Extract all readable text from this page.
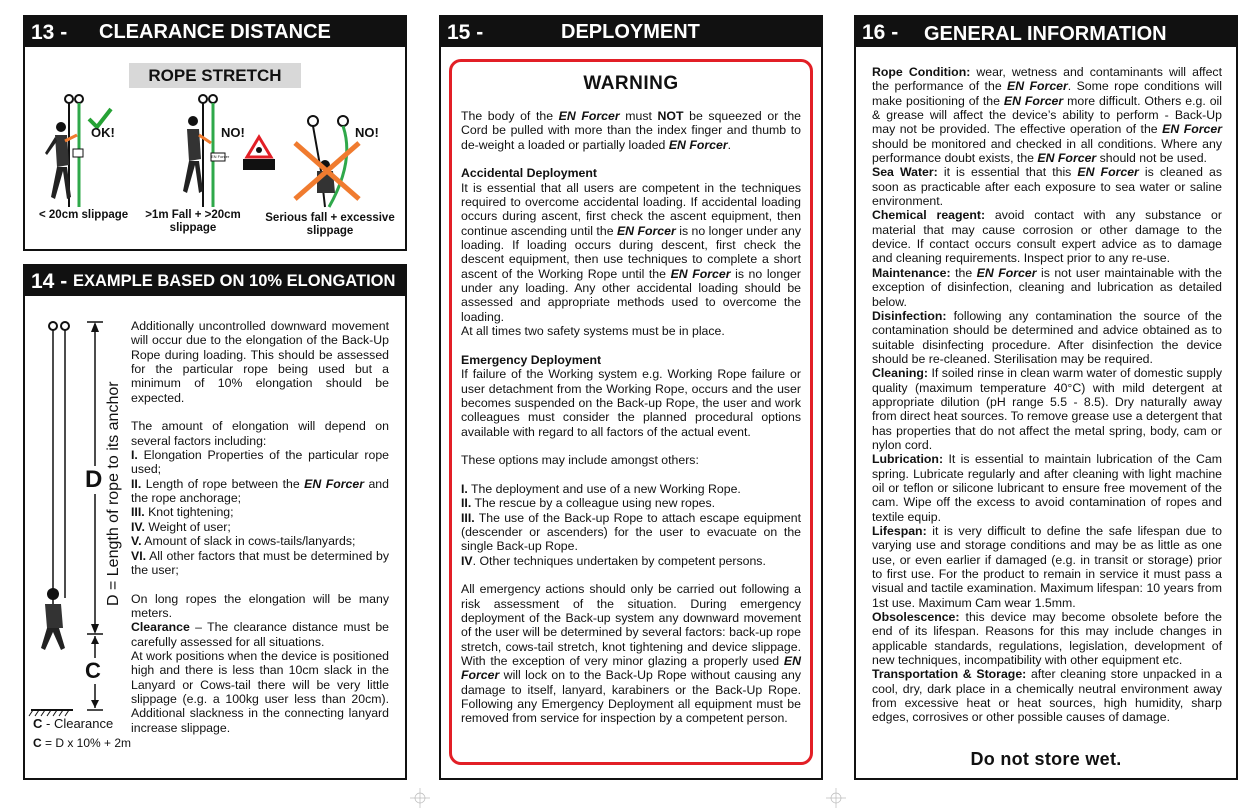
13 - CLEARANCE DISTANCE
ROPE STRETCH
OK!	NO!	NO!
DANGER!
EN Forcer
< 20cm slippage >1m Fall + >20cm
slippage
Serious fall + excessive
slippage
14 - EXAMPLE BASED ON 10% ELONGATION
D = Length of rope to its anchor
D
C
C - Clearance
C = D x 10% + 2m

Additionally uncontrolled downward movement will occur due to the elongation of the Back-Up Rope during loading. This should be assessed for the particular rope being used but a minimum of 10% elongation should be expected.

The amount of elongation will depend on several factors including:

I. Elongation Properties of the particular rope used;

II. Length of rope between the EN Forcer and the rope anchorage;

III. Knot tightening;

IV. Weight of user;

V. Amount of slack in cows-tails/lanyards;

VI. All other factors that must be determined by the user;

On long ropes the elongation will be many meters.

Clearance – The clearance distance must be carefully assessed for all situations.

At work positions when the device is positioned high and there is less than 10cm slack in the Lanyard or Cows-tail there will be very little slippage (e.g. a 100kg user less than 20cm). Additional slackness in the connecting lanyard increase slippage.

15 -	DEPLOYMENT
WARNING

The body of the EN Forcer must NOT be squeezed or the Cord be pulled with more than the index finger and thumb to de-weight a loaded or partially loaded EN Forcer.

Accidental Deployment

It is essential that all users are competent in the techniques required to overcome accidental loading. If accidental loading occurs during ascent, first check the ascent equipment, then continue ascending until the EN Forcer is no longer under any loading. If loading occurs during descent, first check the descent equipment, then use techniques to complete a short ascent of the Working Rope until the EN Forcer is no longer under any loading. Any other accidental loading should be assessed and appropriate methods used to overcome the loading.

At all times two safety systems must be in place.

Emergency Deployment

If failure of the Working system e.g. Working Rope failure or user detachment from the Working Rope, occurs and the user becomes suspended on the Back-up Rope, the user and work colleagues must consider the planned procedural options available with regard to all factors of the actual event.

These options may include amongst others:

I. The deployment and use of a new Working Rope.

II. The rescue by a colleague using new ropes.

III. The use of the Back-up Rope to attach escape equipment (descender or ascenders) for the user to evacuate on the single Back-up Rope.

IV. Other techniques undertaken by competent persons.

All emergency actions should only be carried out following a risk assessment of the situation. During emergency deployment of the Back-up system any downward movement of the user will be determined by several factors: back-up rope stretch, cows-tail stretch, knot tightening and device slippage. With the exception of very minor glazing a properly used EN Forcer will lock on to the Back-Up Rope without causing any damage to itself, lanyard, karabiners or the Back-Up Rope. Following any Emergency Deployment all equipment must be removed from service for inspection by a competent person.

16 - GENERAL INFORMATION

Rope Condition: wear, wetness and contaminants will affect the performance of the EN Forcer. Some rope conditions will make positioning of the EN Forcer more difficult. Others e.g. oil & grease will affect the device’s ability to perform - Back-Up may not be provided. The effective operation of the EN Forcer should be monitored and checked in all conditions. Where any performance doubt exists, the EN Forcer should not be used.

Sea Water: it is essential that this EN Forcer is cleaned as soon as practicable after each exposure to sea water or saline environment.

Chemical reagent: avoid contact with any substance or material that may cause corrosion or other damage to the device. If contact occurs consult expert advice as to damage and cleaning requirements. Inspect prior to any re-use.

Maintenance: the EN Forcer is not user maintainable with the exception of disinfection, cleaning and lubrication as detailed below.

Disinfection: following any contamination the source of the contamination should be determined and advice obtained as to suitable disinfecting procedure. After disinfection the device should be re-cleaned. Sterilisation may be required.

Cleaning: If soiled rinse in clean warm water of domestic supply quality (maximum temperature 40°C) with mild detergent at appropriate dilution (pH range 5.5 - 8.5). Dry naturally away from direct heat sources. To remove grease use a detergent that has properties that do not affect the metal spring, body, cam or nylon cord.

Lubrication: It is essential to maintain lubrication of the Cam spring. Lubricate regularly and after cleaning with light machine oil or teflon or silicone lubricant to ensure free movement of the cam. Wipe off the excess to avoid contamination of ropes and textile equip.

Lifespan: it is very difficult to define the safe lifespan due to varying use and storage conditions and may be as little as one use, or even earlier if damaged (e.g. in transit or storage) prior to first use. For the product to remain in service it must pass a visual and tactile examination. Maximum lifespan: 10 years from 1st use. Maximum Cam wear 1.5mm.

Obsolescence: this device may become obsolete before the end of its lifespan. Reasons for this may include changes in applicable standards, regulations, legislation, development of new techniques, incompatibility with other equipment etc.

Transportation & Storage: after cleaning store unpacked in a cool, dry, dark place in a chemically neutral environment away from excessive heat or heat sources, high humidity, sharp edges, corrosives or other possible causes of damage.

Do not store wet.
